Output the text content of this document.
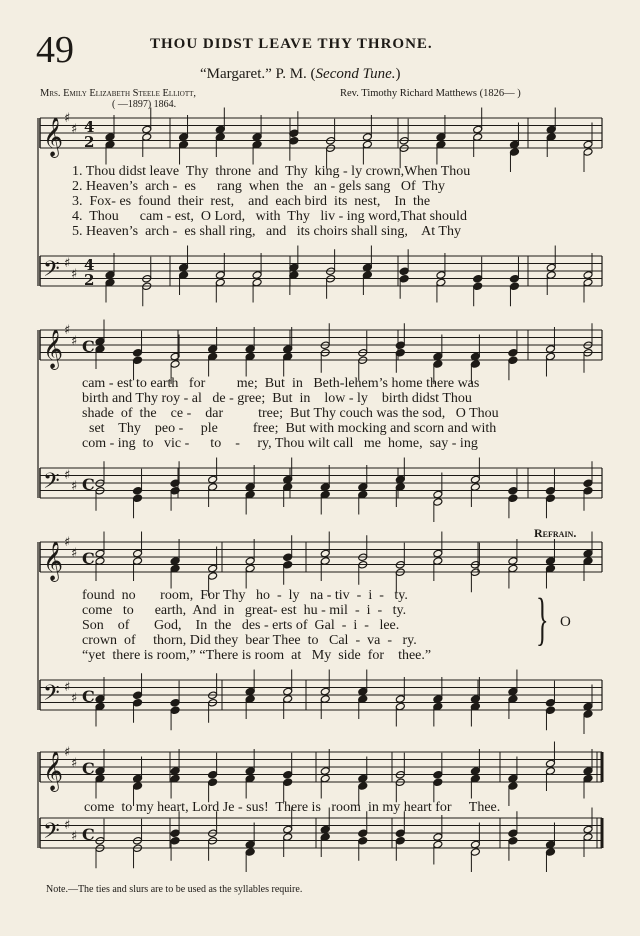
49	THOU DIDST LEAVE THY THRONE.
“Margaret.” P. M. (Second Tune.)
Mrs. Emily Elizabeth Steele Elliott,
( —1897) 1864.
Rev. Timothy Richard Matthews (1826— )
𝄞 ♯
♯ 4
2
𝄢 ♯
♯
4
2
𝄞 ♯
♯ C
𝄢 ♯
♯ C
𝄞 ♯
♯ C
𝄢 ♯
♯ C
𝄞 ♯
♯ C
𝄢 ♯
♯ C
1. Thou didst leave  Thy  throne  and  Thy  king - ly crown,When Thou
2. Heaven’s  arch -  es      rang  when  the   an - gels sang   Of  Thy
3.  Fox- es  found  their  rest,    and  each bird  its  nest,    In  the
4.  Thou      cam - est,  O Lord,   with  Thy   liv - ing word,That should
5. Heaven’s  arch -  es shall ring,   and   its choirs shall sing,    At Thy
cam - est to earth   for         me;  But  in   Beth-lehem’s home there was
birth and Thy roy - al   de - gree;  But  in    low - ly    birth didst Thou
shade  of  the    ce -    dar          tree;  But Thy couch was the sod,   O Thou
set    Thy    peo -     ple          free;  But with mocking and scorn and with
com - ing  to   vic -      to    -     ry, Thou wilt call   me  home,  say - ing
Refrain.
found  no       room,  For Thy   ho  -  ly   na - tiv  -  i  -   ty.
come   to      earth,  And  in   great- est  hu - mil  -  i  -   ty.
Son    of       God,    In  the   des - erts of  Gal  -  i  -   lee.
crown  of     thorn, Did they  bear Thee  to   Cal  -  va  -   ry.
“yet  there is room,” “There is room  at   My  side  for    thee.”
} O
come  to my heart, Lord Je - sus!  There is   room  in my heart for     Thee.
Note.—The ties and slurs are to be used as the syllables require.
